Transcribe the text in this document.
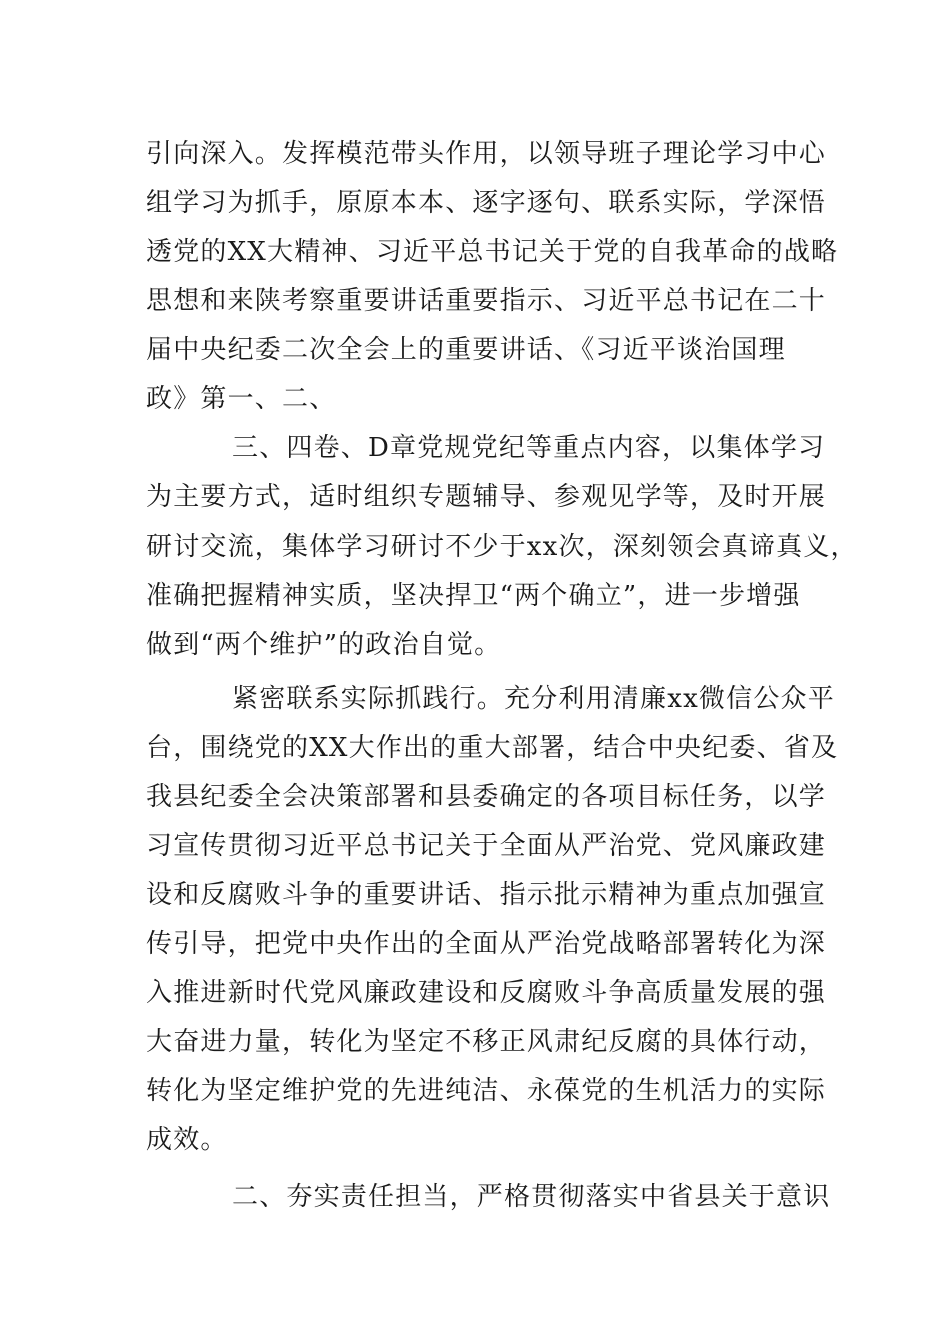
引向深入。发挥模范带头作用，以领导班子理论学习中心
组学习为抓手，原原本本、逐字逐句、联系实际，学深悟
透党的XX大精神、习近平总书记关于党的自我革命的战略
思想和来陕考察重要讲话重要指示、习近平总书记在二十
届中央纪委二次全会上的重要讲话、《习近平谈治国理
政》第一、二、
三、四卷、D章党规党纪等重点内容，以集体学习
为主要方式，适时组织专题辅导、参观见学等，及时开展
研讨交流，集体学习研讨不少于xx次，深刻领会真谛真义，
准确把握精神实质，坚决捍卫“两个确立”，进一步增强
做到“两个维护”的政治自觉。
紧密联系实际抓践行。充分利用清廉xx微信公众平
台，围绕党的XX大作出的重大部署，结合中央纪委、省及
我县纪委全会决策部署和县委确定的各项目标任务，以学
习宣传贯彻习近平总书记关于全面从严治党、党风廉政建
设和反腐败斗争的重要讲话、指示批示精神为重点加强宣
传引导，把党中央作出的全面从严治党战略部署转化为深
入推进新时代党风廉政建设和反腐败斗争高质量发展的强
大奋进力量，转化为坚定不移正风肃纪反腐的具体行动，
转化为坚定维护党的先进纯洁、永葆党的生机活力的实际
成效。
二、夯实责任担当，严格贯彻落实中省县关于意识
